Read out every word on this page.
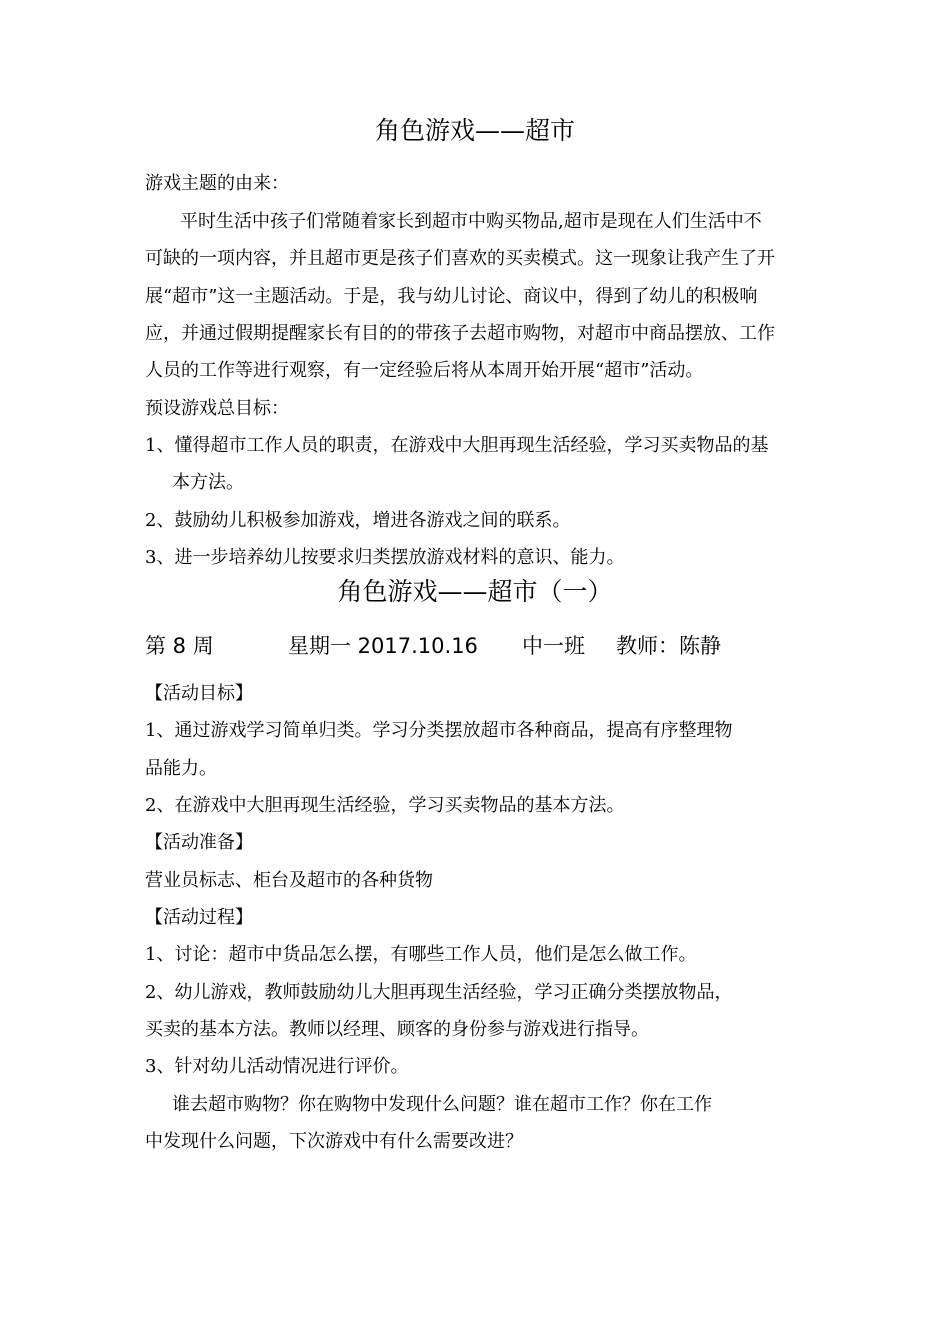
角色游戏——超市
游戏主题的由来：
平时生活中孩子们常随着家长到超市中购买物品,超市是现在人们生活中不
可缺的一项内容，并且超市更是孩子们喜欢的买卖模式。这一现象让我产生了开
展“超市”这一主题活动。于是，我与幼儿讨论、商议中，得到了幼儿的积极响
应，并通过假期提醒家长有目的的带孩子去超市购物，对超市中商品摆放、工作
人员的工作等进行观察，有一定经验后将从本周开始开展“超市”活动。
预设游戏总目标：
1、懂得超市工作人员的职责，在游戏中大胆再现生活经验，学习买卖物品的基
本方法。
2、鼓励幼儿积极参加游戏，增进各游戏之间的联系。
3、进一步培养幼儿按要求归类摆放游戏材料的意识、能力。
角色游戏——超市（一）
第 8 周	星期一 2017.10.16 中一班 教师：陈静
【活动目标】
1、通过游戏学习简单归类。学习分类摆放超市各种商品，提高有序整理物
品能力。
2、在游戏中大胆再现生活经验，学习买卖物品的基本方法。
【活动准备】
营业员标志、柜台及超市的各种货物
【活动过程】
1、讨论：超市中货品怎么摆，有哪些工作人员，他们是怎么做工作。
2、幼儿游戏，教师鼓励幼儿大胆再现生活经验，学习正确分类摆放物品，
买卖的基本方法。教师以经理、顾客的身份参与游戏进行指导。
3、针对幼儿活动情况进行评价。
谁去超市购物？你在购物中发现什么问题？谁在超市工作？你在工作
中发现什么问题，下次游戏中有什么需要改进？
